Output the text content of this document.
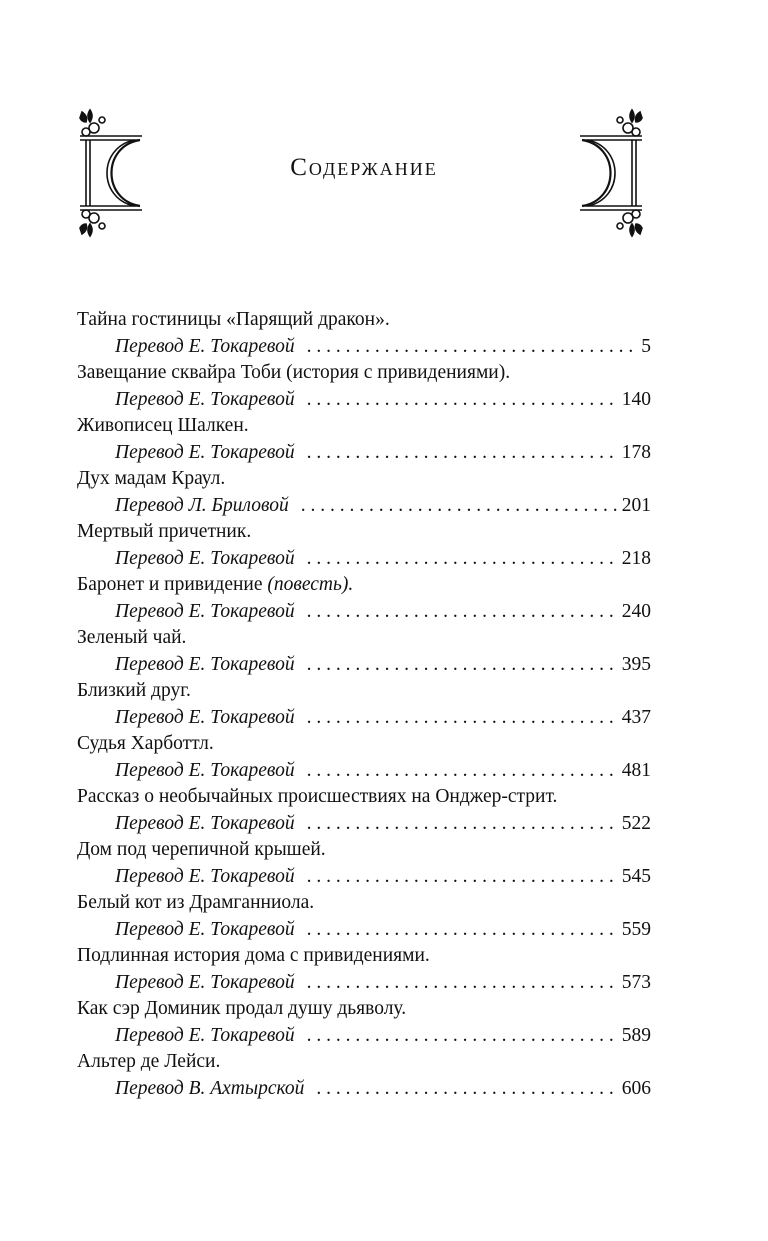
Содержание
Тайна гостиницы «Парящий дракон».
Перевод Е. Токаревой . . .	5
Завещание сквайра Тоби (история с привидениями).
Перевод Е. Токаревой . . .	140
Живописец Шалкен.
Перевод Е. Токаревой . . .	178
Дух мадам Краул.
Перевод Л. Бриловой . . .	201
Мертвый причетник.
Перевод Е. Токаревой . . .	218
Баронет и привидение (повесть).
Перевод Е. Токаревой . . .	240
Зеленый чай.
Перевод Е. Токаревой . . .	395
Близкий друг.
Перевод Е. Токаревой . . .	437
Судья Харботтл.
Перевод Е. Токаревой . . .	481
Рассказ о необычайных происшествиях на Онджер-стрит.
Перевод Е. Токаревой . . .	522
Дом под черепичной крышей.
Перевод Е. Токаревой . . .	545
Белый кот из Драмганниола.
Перевод Е. Токаревой . . .	559
Подлинная история дома с привидениями.
Перевод Е. Токаревой . . .	573
Как сэр Доминик продал душу дьяволу.
Перевод Е. Токаревой . . .	589
Альтер де Лейси.
Перевод В. Ахтырской . . .	606
